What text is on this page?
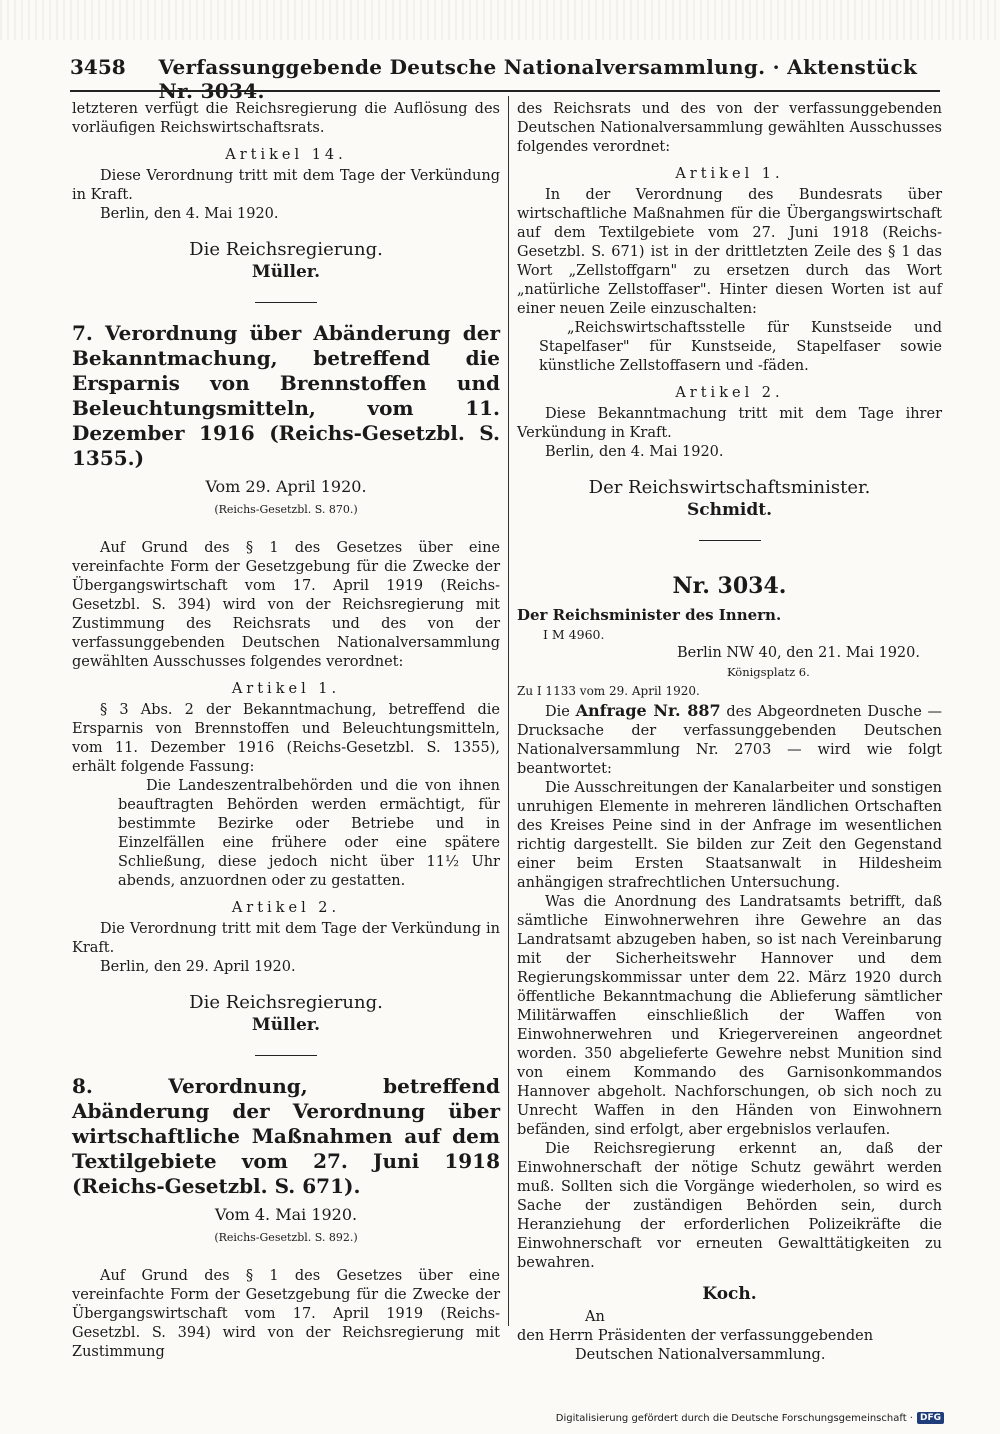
3458	Verfassunggebende Deutsche Nationalversammlung. · Aktenstück Nr. 3034.

letzteren verfügt die Reichsregierung die Auflösung des vorläufigen Reichswirtschaftsrats.

Artikel 14.

Diese Verordnung tritt mit dem Tage der Verkündung in Kraft.

Berlin, den 4. Mai 1920.

Die Reichsregierung.
Müller.
7. Verordnung über Abänderung der Bekanntmachung, betreffend die Ersparnis von Brennstoffen und Beleuchtungsmitteln, vom 11. Dezember 1916 (Reichs-Gesetzbl. S. 1355.)
Vom 29. April 1920.
(Reichs-Gesetzbl. S. 870.)

Auf Grund des § 1 des Gesetzes über eine vereinfachte Form der Gesetzgebung für die Zwecke der Übergangswirtschaft vom 17. April 1919 (Reichs-Gesetzbl. S. 394) wird von der Reichsregierung mit Zustimmung des Reichsrats und des von der verfassunggebenden Deutschen Nationalversammlung gewählten Ausschusses folgendes verordnet:

Artikel 1.

§ 3 Abs. 2 der Bekanntmachung, betreffend die Ersparnis von Brennstoffen und Beleuchtungsmitteln, vom 11. Dezember 1916 (Reichs-Gesetzbl. S. 1355), erhält folgende Fassung:

Die Landeszentralbehörden und die von ihnen beauftragten Behörden werden ermächtigt, für bestimmte Bezirke oder Betriebe und in Einzelfällen eine frühere oder eine spätere Schließung, diese jedoch nicht über 11½ Uhr abends, anzuordnen oder zu gestatten.

Artikel 2.

Die Verordnung tritt mit dem Tage der Verkündung in Kraft.

Berlin, den 29. April 1920.

Die Reichsregierung.
Müller.
8. Verordnung, betreffend Abänderung der Verordnung über wirtschaftliche Maßnahmen auf dem Textilgebiete vom 27. Juni 1918 (Reichs-Gesetzbl. S. 671).
Vom 4. Mai 1920.
(Reichs-Gesetzbl. S. 892.)

Auf Grund des § 1 des Gesetzes über eine vereinfachte Form der Gesetzgebung für die Zwecke der Übergangswirtschaft vom 17. April 1919 (Reichs-Gesetzbl. S. 394) wird von der Reichsregierung mit Zustimmung

des Reichsrats und des von der verfassunggebenden Deutschen Nationalversammlung gewählten Ausschusses folgendes verordnet:

Artikel 1.

In der Verordnung des Bundesrats über wirtschaftliche Maßnahmen für die Übergangswirtschaft auf dem Textilgebiete vom 27. Juni 1918 (Reichs-Gesetzbl. S. 671) ist in der drittletzten Zeile des § 1 das Wort „Zellstoffgarn" zu ersetzen durch das Wort „natürliche Zellstoffaser". Hinter diesen Worten ist auf einer neuen Zeile einzuschalten:

„Reichswirtschaftsstelle für Kunstseide und Stapelfaser" für Kunstseide, Stapelfaser sowie künstliche Zellstoffasern und -fäden.

Artikel 2.

Diese Bekanntmachung tritt mit dem Tage ihrer Verkündung in Kraft.

Berlin, den 4. Mai 1920.

Der Reichswirtschaftsminister.
Schmidt.
Nr. 3034.

Der Reichsminister des Innern.

I M 4960.

Berlin NW 40, den 21. Mai 1920.

Königsplatz 6.

Zu I 1133 vom 29. April 1920.

Die Anfrage Nr. 887 des Abgeordneten Dusche — Drucksache der verfassunggebenden Deutschen Nationalversammlung Nr. 2703 — wird wie folgt beantwortet:

Die Ausschreitungen der Kanalarbeiter und sonstigen unruhigen Elemente in mehreren ländlichen Ortschaften des Kreises Peine sind in der Anfrage im wesentlichen richtig dargestellt. Sie bilden zur Zeit den Gegenstand einer beim Ersten Staatsanwalt in Hildesheim anhängigen strafrechtlichen Untersuchung.

Was die Anordnung des Landratsamts betrifft, daß sämtliche Einwohnerwehren ihre Gewehre an das Landratsamt abzugeben haben, so ist nach Vereinbarung mit der Sicherheitswehr Hannover und dem Regierungskommissar unter dem 22. März 1920 durch öffentliche Bekanntmachung die Ablieferung sämtlicher Militärwaffen einschließlich der Waffen von Einwohnerwehren und Kriegervereinen angeordnet worden. 350 abgelieferte Gewehre nebst Munition sind von einem Kommando des Garnisonkommandos Hannover abgeholt. Nachforschungen, ob sich noch zu Unrecht Waffen in den Händen von Einwohnern befänden, sind erfolgt, aber ergebnislos verlaufen.

Die Reichsregierung erkennt an, daß der Einwohnerschaft der nötige Schutz gewährt werden muß. Sollten sich die Vorgänge wiederholen, so wird es Sache der zuständigen Behörden sein, durch Heranziehung der erforderlichen Polizeikräfte die Einwohnerschaft vor erneuten Gewalttätigkeiten zu bewahren.

Koch.

An

den Herrn Präsidenten der verfassunggebenden

Deutschen Nationalversammlung.

Digitalisierung gefördert durch die Deutsche Forschungsgemeinschaft · DFG
